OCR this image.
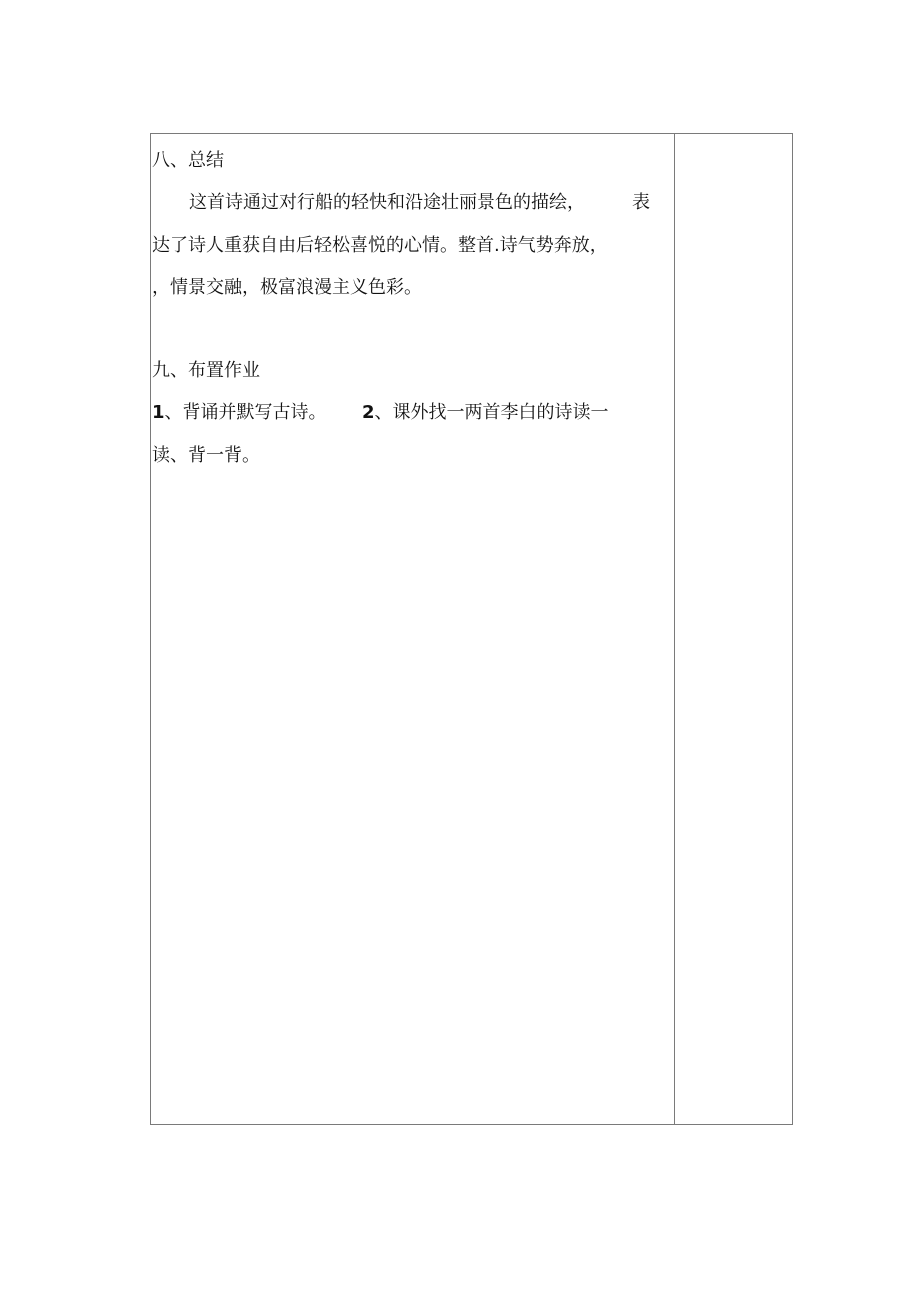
八、总结
这首诗通过对行船的轻快和沿途壮丽景色的描绘，	表
达了诗人重获自由后轻松喜悦的心情。整首.诗气势奔放，
，情景交融，极富浪漫主义色彩。
九、布置作业
1、背诵并默写古诗。 2、课外找一两首李白的诗读一
读、背一背。
